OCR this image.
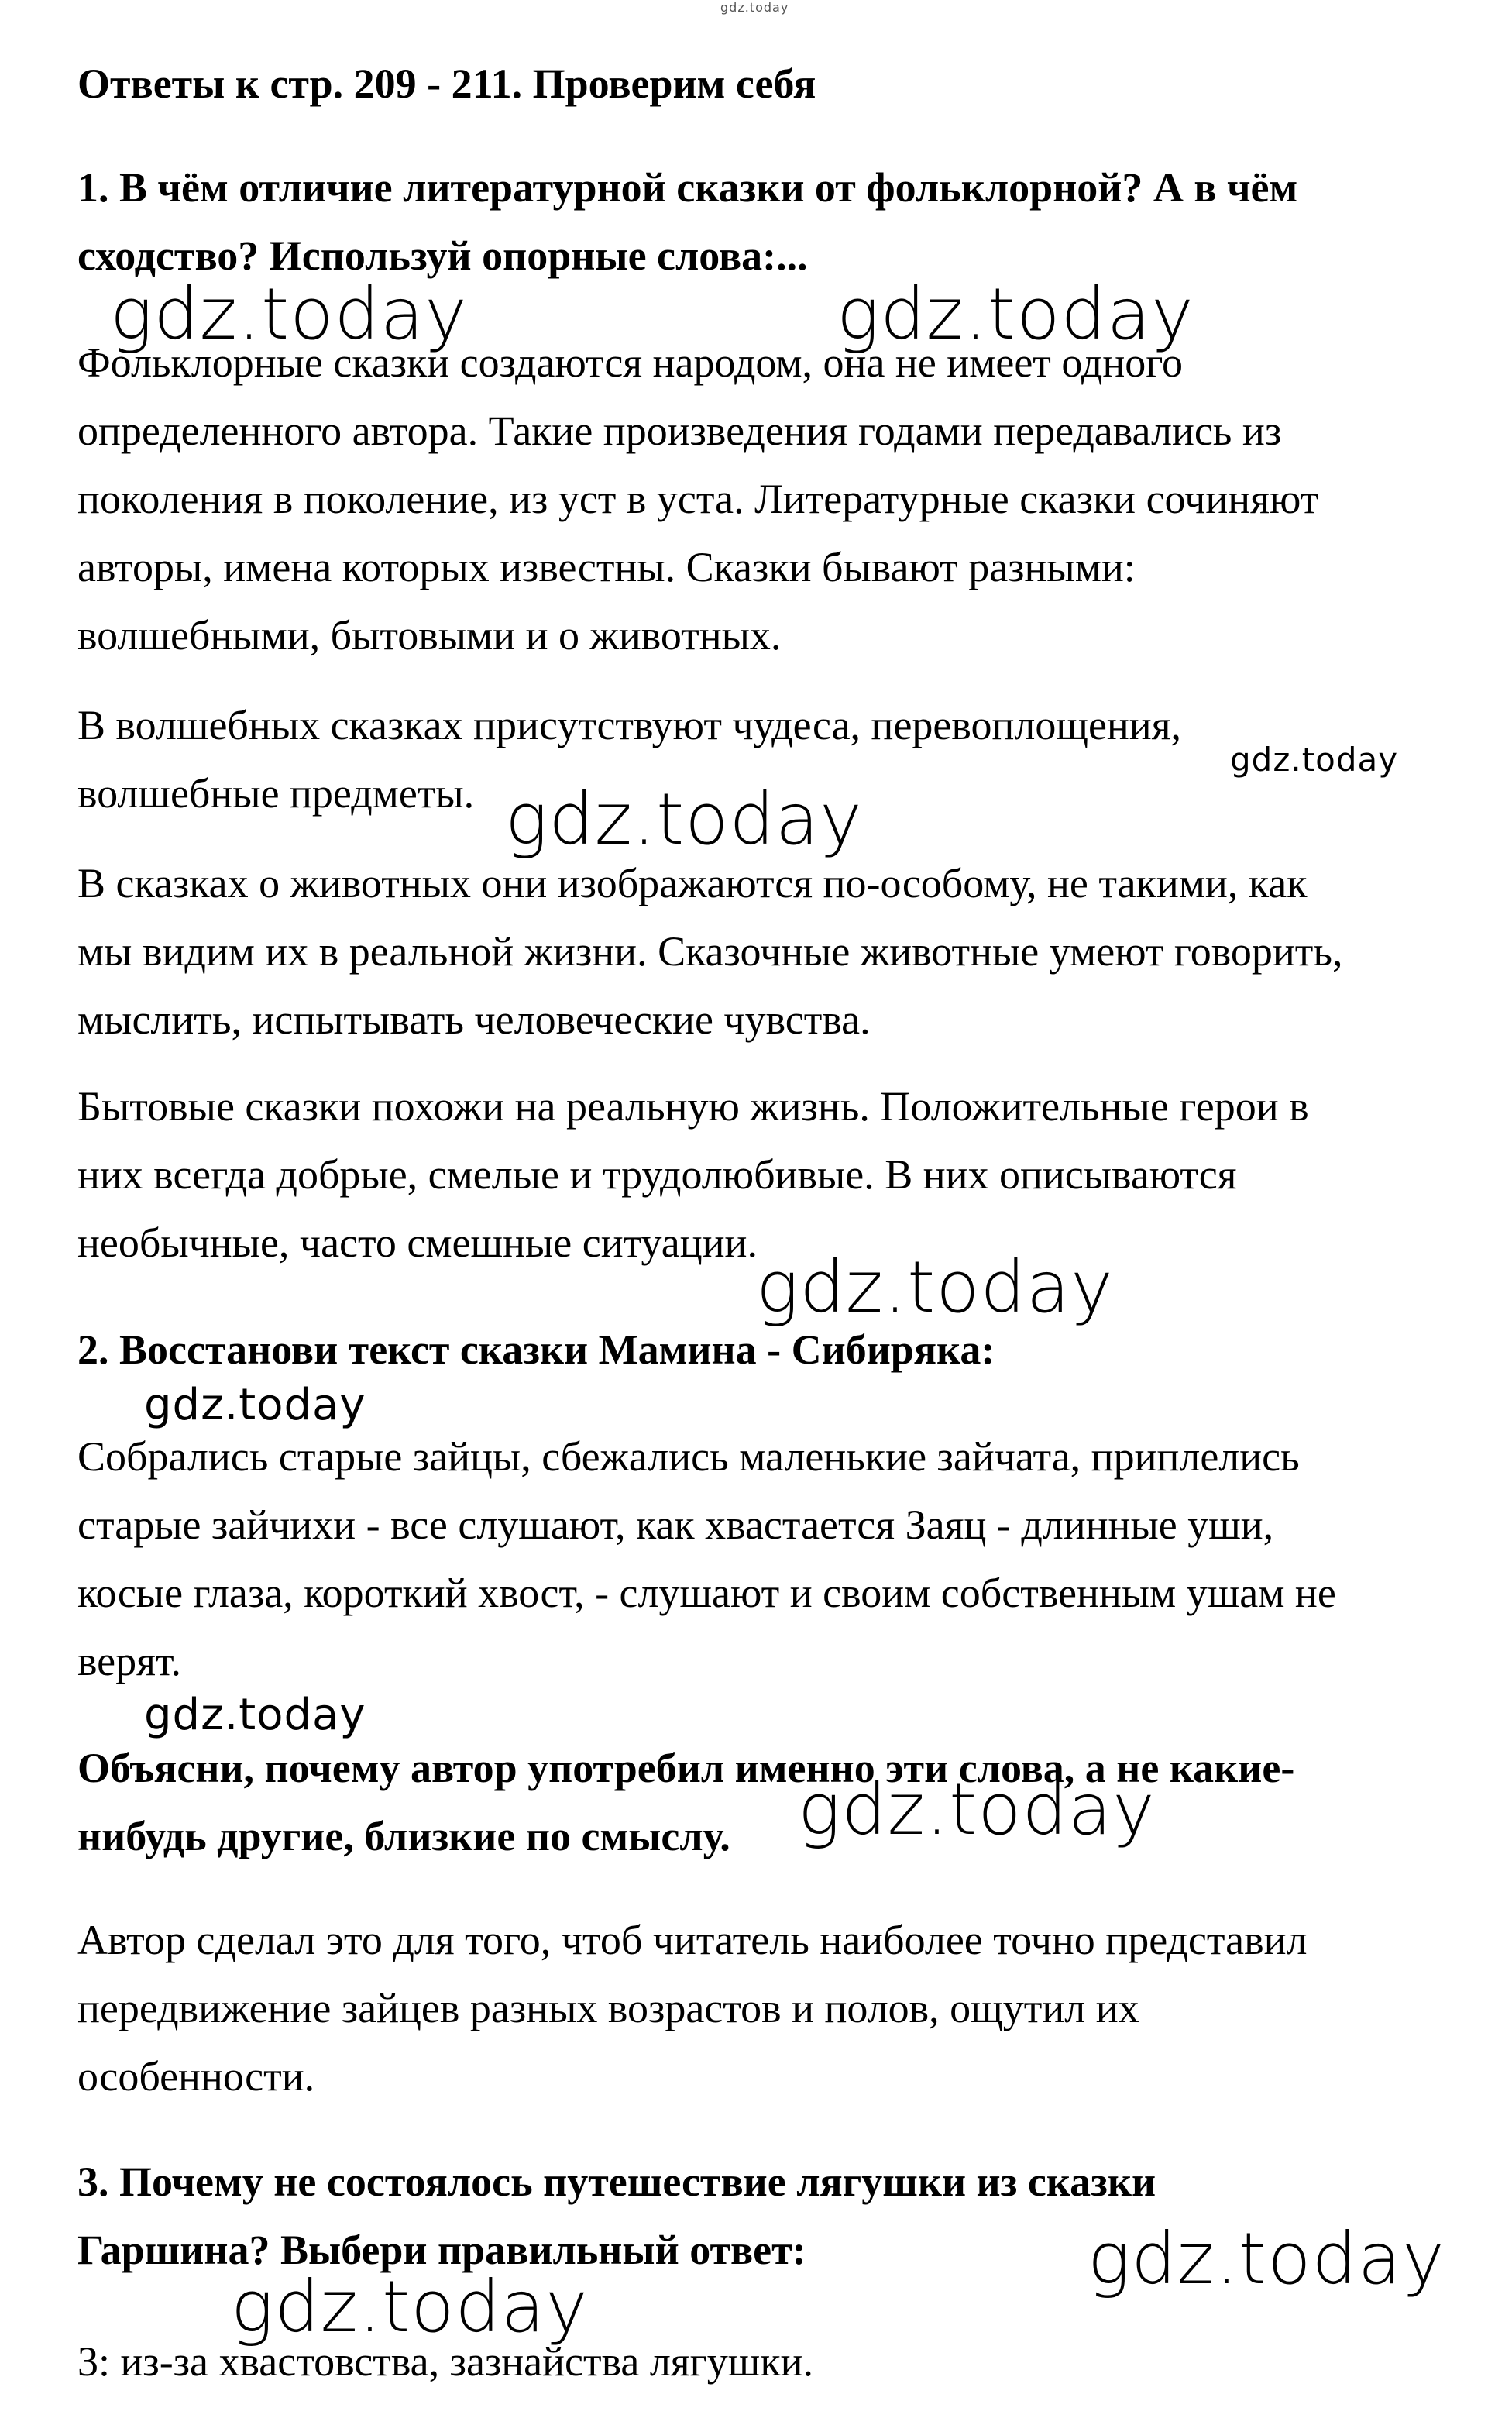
gdz.today

Ответы к стр. 209 - 211. Проверим себя

1. В чём отличие литературной сказки от фольклорной? А в чём

сходство? Используй опорные слова:...

Фольклорные сказки создаются народом, она не имеет одного

определенного автора. Такие произведения годами передавались из

поколения в поколение, из уст в уста. Литературные сказки сочиняют

авторы, имена которых известны. Сказки бывают разными:

волшебными, бытовыми и о животных.

В волшебных сказках присутствуют чудеса, перевоплощения,

волшебные предметы.

В сказках о животных они изображаются по-особому, не такими, как

мы видим их в реальной жизни. Сказочные животные умеют говорить,

мыслить, испытывать человеческие чувства.

Бытовые сказки похожи на реальную жизнь. Положительные герои в

них всегда добрые, смелые и трудолюбивые. В них описываются

необычные, часто смешные ситуации.

2. Восстанови текст сказки Мамина - Сибиряка:

Собрались старые зайцы, сбежались маленькие зайчата, приплелись

старые зайчихи - все слушают, как хвастается Заяц - длинные уши,

косые глаза, короткий хвост, - слушают и своим собственным ушам не

верят.

Объясни, почему автор употребил именно эти слова, а не какие-

нибудь другие, близкие по смыслу.

Автор сделал это для того, чтоб читатель наиболее точно представил

передвижение зайцев разных возрастов и полов, ощутил их

особенности.

3. Почему не состоялось путешествие лягушки из сказки

Гаршина? Выбери правильный ответ:

3: из-за хвастовства, зазнайства лягушки.

gdz.today	gdz.today
gdz.today
gdz.today
gdz.today
gdz.today
gdz.today
gdz.today
gdz.today
gdz.today
